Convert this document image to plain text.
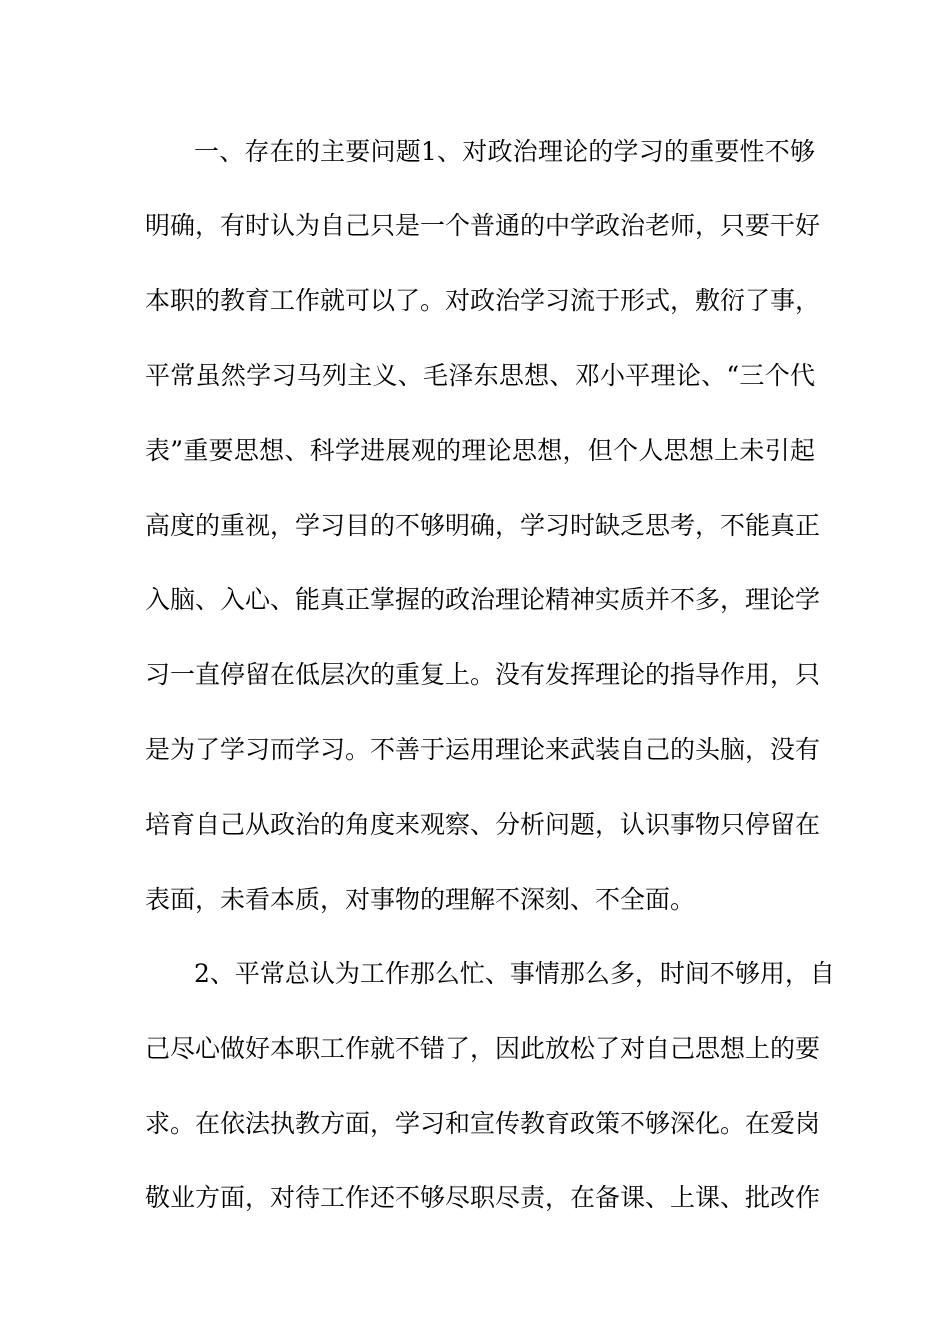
一、存在的主要问题1、对政治理论的学习的重要性不够
明确，有时认为自己只是一个普通的中学政治老师，只要干好
本职的教育工作就可以了。对政治学习流于形式，敷衍了事，
平常虽然学习马列主义、毛泽东思想、邓小平理论、“三个代
表”重要思想、科学进展观的理论思想，但个人思想上未引起
高度的重视，学习目的不够明确，学习时缺乏思考，不能真正
入脑、入心、能真正掌握的政治理论精神实质并不多，理论学
习一直停留在低层次的重复上。没有发挥理论的指导作用，只
是为了学习而学习。不善于运用理论来武装自己的头脑，没有
培育自己从政治的角度来观察、分析问题，认识事物只停留在
表面，未看本质，对事物的理解不深刻、不全面。
2、平常总认为工作那么忙、事情那么多，时间不够用，自
己尽心做好本职工作就不错了，因此放松了对自己思想上的要
求。在依法执教方面，学习和宣传教育政策不够深化。在爱岗
敬业方面，对待工作还不够尽职尽责，在备课、上课、批改作
